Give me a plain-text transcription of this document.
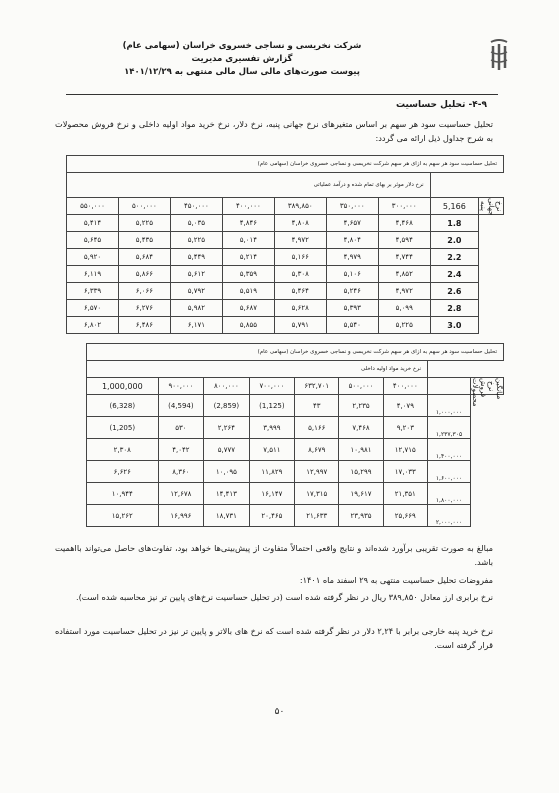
شرکت نخریسی و نساجی خسروی خراسان (سهامی عام)
گزارش تفسیری مدیریت
پیوست صورت‌های مالی سال مالی منتهی به ۱۴۰۱/۱۲/۲۹
۴-۹- تحلیل حساسیت
تحلیل حساسیت سود هر سهم بر اساس متغیرهای نرخ جهانی پنبه، نرخ دلار، نرخ خرید مواد اولیه داخلی و نرخ فروش محصولات به شرح جداول ذیل ارائه می گردد:
تحلیل حساسیت سود هر سهم به ازای هر سهم شرکت نخریسی و نساجی خسروی خراسان (سهامی عام)								
نرخ دلار موثر بر بهای تمام شده و درآمد عملیاتی								
۵۵۰,۰۰۰	۵۰۰,۰۰۰	۴۵۰,۰۰۰	۴۰۰,۰۰۰	۳۸۹,۸۵۰	۳۵۰,۰۰۰	۳۰۰,۰۰۰	5,166	نرخ جهانی پنبه
۵,۴۱۴	۵,۲۲۵	۵,۰۳۵	۴,۸۴۶	۴,۸۰۸	۴,۶۵۷	۴,۴۶۸	1.8	
۵,۶۴۵	۵,۴۳۵	۵,۲۲۵	۵,۰۱۴	۴,۹۷۲	۴,۸۰۴	۴,۵۹۴	2.0	
۵,۹۲۰	۵,۶۸۴	۵,۴۴۹	۵,۲۱۴	۵,۱۶۶	۴,۹۷۹	۴,۷۴۴	2.2	
۶,۱۱۹	۵,۸۶۶	۵,۶۱۲	۵,۳۵۹	۵,۳۰۸	۵,۱۰۶	۴,۸۵۲	2.4	
۶,۳۳۹	۶,۰۶۶	۵,۷۹۲	۵,۵۱۹	۵,۴۶۴	۵,۲۴۶	۴,۹۷۲	2.6	
۶,۵۷۰	۶,۲۷۶	۵,۹۸۲	۵,۶۸۷	۵,۶۲۸	۵,۳۹۳	۵,۰۹۹	2.8	
۶,۸۰۲	۶,۴۸۶	۶,۱۷۱	۵,۸۵۵	۵,۷۹۱	۵,۵۴۰	۵,۲۲۵	3.0	
تحلیل حساسیت سود هر سهم به ازای هر سهم شرکت نخریسی و نساجی خسروی خراسان (سهامی عام)								
نرخ خرید مواد اولیه داخلی								
1,000,000	۹۰۰,۰۰۰	۸۰۰,۰۰۰	۷۰۰,۰۰۰	۶۳۲,۷۰۱	۵۰۰,۰۰۰	۴۰۰,۰۰۰		میانگین نرخ فروش محصولات
(6,328)	(4,594)	(2,859)	(1,125)	۴۳	۲,۲۳۵	۴,۰۷۹	۱,۰۰۰,۰۰۰	
(1,205)	۵۳۰	۲,۲۶۴	۳,۹۹۹	۵,۱۶۶	۷,۴۶۸	۹,۲۰۳	۱,۲۳۷,۳۰۵	
۲,۳۰۸	۴,۰۴۲	۵,۷۷۷	۷,۵۱۱	۸,۶۷۹	۱۰,۹۸۱	۱۲,۷۱۵	۱,۴۰۰,۰۰۰	
۶,۶۲۶	۸,۳۶۰	۱۰,۰۹۵	۱۱,۸۲۹	۱۲,۹۹۷	۱۵,۲۹۹	۱۷,۰۳۳	۱,۶۰۰,۰۰۰	
۱۰,۹۴۴	۱۲,۶۷۸	۱۴,۴۱۳	۱۶,۱۴۷	۱۷,۳۱۵	۱۹,۶۱۷	۲۱,۳۵۱	۱,۸۰۰,۰۰۰	
۱۵,۲۶۲	۱۶,۹۹۶	۱۸,۷۳۱	۲۰,۴۶۵	۲۱,۶۳۳	۲۳,۹۳۵	۲۵,۶۶۹	۲,۰۰۰,۰۰۰	
مبالغ به صورت تقریبی برآورد شده‌اند و نتایج واقعی احتمالاً متفاوت از پیش‌بینی‌ها خواهد بود، تفاوت‌های حاصل می‌تواند بااهمیت باشد.
مفروضات تحلیل حساسیت منتهی به ۲۹ اسفند ماه ۱۴۰۱:
نرخ برابری ارز معادل ۳۸۹,۸۵۰ ریال در نظر گرفته شده است (در تحلیل حساسیت نرخ‌های پایین تر نیز محاسبه شده است).
نرخ خرید پنبه خارجی برابر با ۲,۲۴ دلار در نظر گرفته شده است که نرخ های بالاتر و پایین تر نیز در تحلیل حساسیت مورد استفاده قرار گرفته است.
۵۰
